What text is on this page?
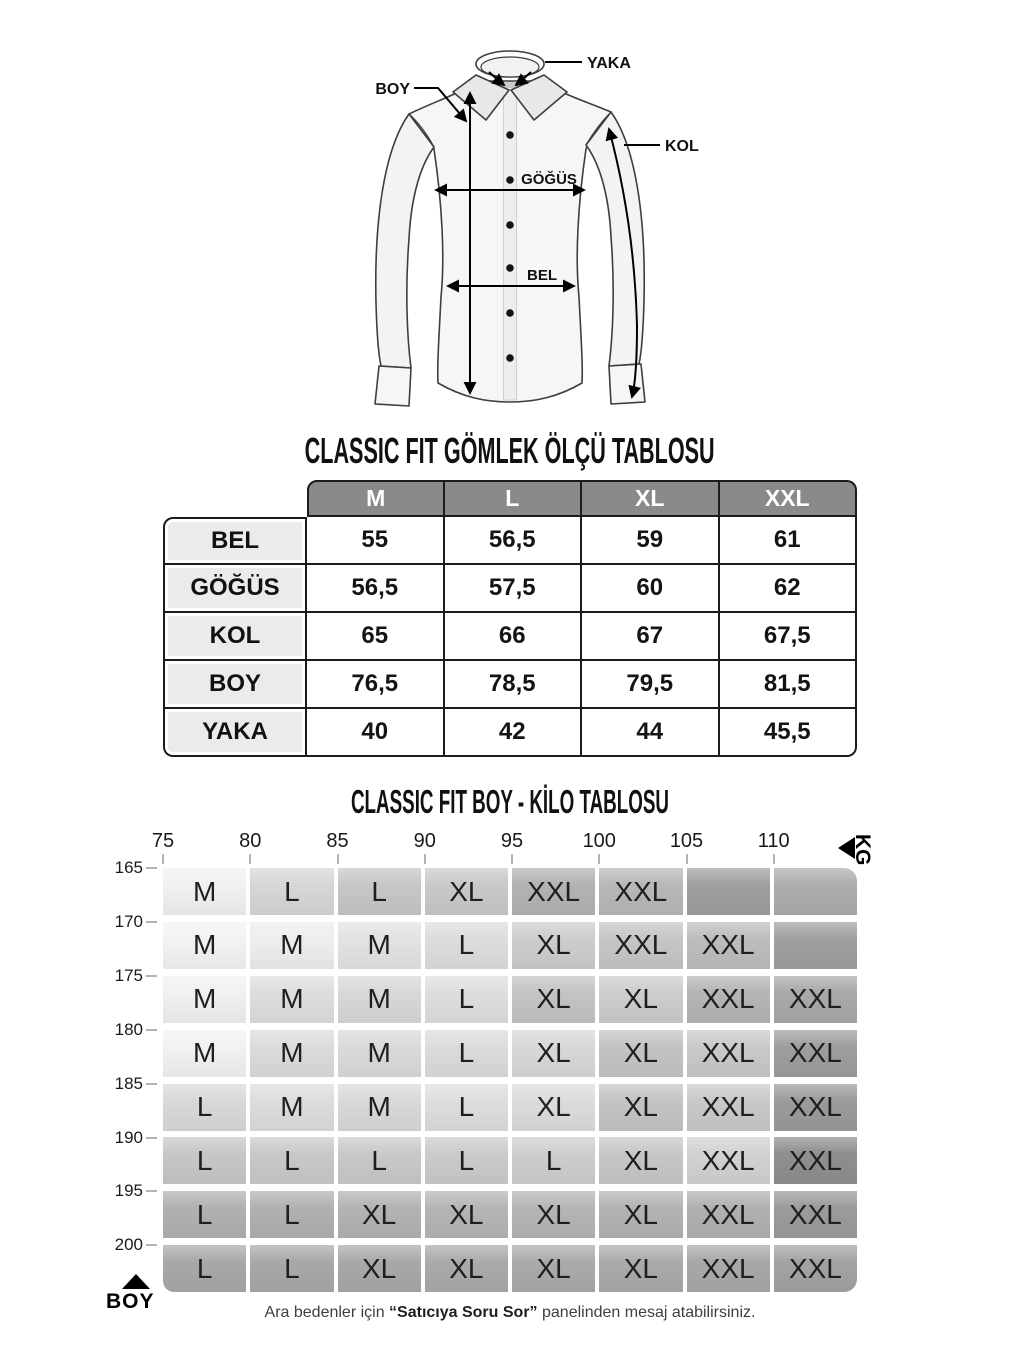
YAKA
BOY
KOL
GÖĞÜS
BEL
CLASSIC FIT GÖMLEK ÖLÇÜ TABLOSU
M	L	XL	XXL
BEL	55	56,5	59	61
GÖĞÜS	56,5	57,5	60	62
KOL	65	66	67	67,5
BOY	76,5	78,5	79,5	81,5
YAKA	40	42	44	45,5
CLASSIC FIT BOY - KİLO TABLOSU
KG
M	L	L	XL	XXL	XXL
M	M	M	L	XL	XXL	XXL
M	M	M	L	XL	XL	XXL	XXL
M	M	M	L	XL	XL	XXL	XXL
L	M	M	L	XL	XL	XXL	XXL
L	L	L	L	L	XL	XXL	XXL
L	L	XL	XL	XL	XL	XXL	XXL
L	L	XL	XL	XL	XL	XXL	XXL
BOY	Ara bedenler için “Satıcıya Soru Sor” panelinden mesaj atabilirsiniz.
75	80	85	90	95	100	105	110
165
170
175
180
185
190
195
200
